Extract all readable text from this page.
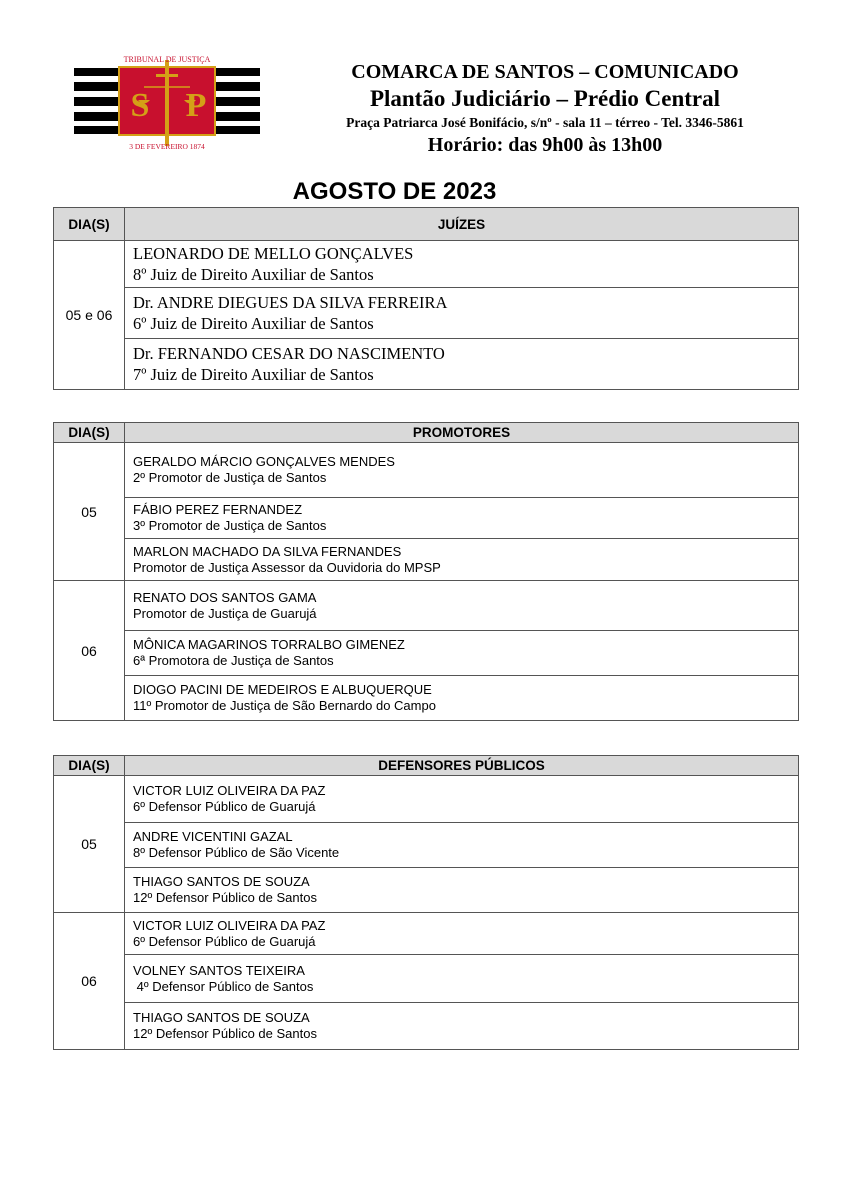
S P
TRIBUNAL DE JUSTIÇA
3 DE FEVEREIRO 1874
COMARCA DE SANTOS – COMUNICADO
Plantão Judiciário – Prédio Central
Praça Patriarca José Bonifácio, s/nº - sala 11 – térreo - Tel. 3346-5861
Horário: das 9h00 às 13h00
AGOSTO DE 2023
DIA(S)	JUÍZES
05 e 06	LEONARDO DE MELLO GONÇALVES
8º Juiz de Direito Auxiliar de Santos

	Dr. ANDRE DIEGUES DA SILVA FERREIRA
6º Juiz de Direito Auxiliar de Santos

	Dr. FERNANDO CESAR DO NASCIMENTO
7º Juiz de Direito Auxiliar de Santos
DIA(S)	PROMOTORES
05	GERALDO MÁRCIO GONÇALVES MENDES
2º Promotor de Justiça de Santos

	FÁBIO PEREZ FERNANDEZ
3º Promotor de Justiça de Santos

	MARLON MACHADO DA SILVA FERNANDES
Promotor de Justiça Assessor da Ouvidoria do MPSP

06	RENATO DOS SANTOS GAMA
Promotor de Justiça de Guarujá

	MÔNICA MAGARINOS TORRALBO GIMENEZ
6ª Promotora de Justiça de Santos

	DIOGO PACINI DE MEDEIROS E ALBUQUERQUE
11º Promotor de Justiça de São Bernardo do Campo
DIA(S)	DEFENSORES PÚBLICOS
05	VICTOR LUIZ OLIVEIRA DA PAZ
6º Defensor Público de Guarujá

	ANDRE VICENTINI GAZAL
8º Defensor Público de São Vicente

	THIAGO SANTOS DE SOUZA
12º Defensor Público de Santos

06	VICTOR LUIZ OLIVEIRA DA PAZ
6º Defensor Público de Guarujá

	VOLNEY SANTOS TEIXEIRA
4º Defensor Público de Santos

	THIAGO SANTOS DE SOUZA
12º Defensor Público de Santos
